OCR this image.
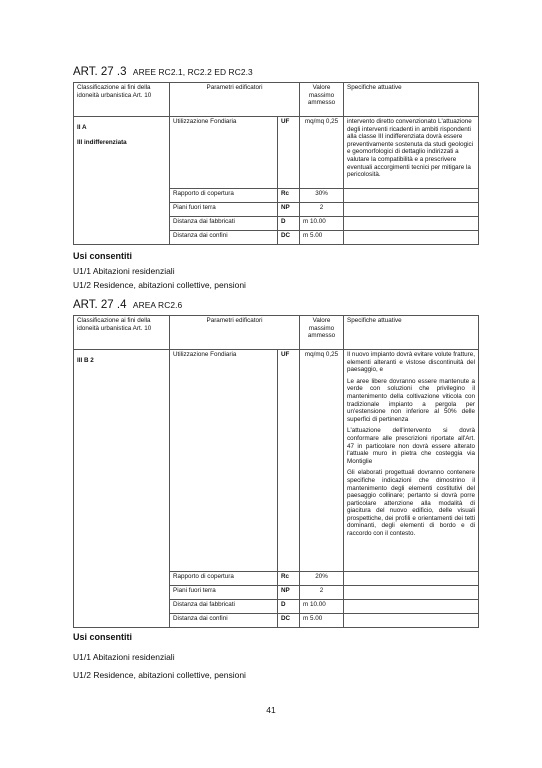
ART. 27 .3 AREE RC2.1, RC2.2 ED RC2.3
Classificazione ai fini della idoneità urbanistica Art. 10	Parametri edificatori		Valore massimo ammesso	Specifiche attuative

II A
III indifferenziata	Utilizzazione Fondiaria	UF	mq/mq 0,25	intervento diretto convenzionato L'attuazione degli interventi ricadenti in ambiti rispondenti alla classe III indifferenziata dovrà essere preventivamente sostenuta da studi geologici e geomorfologici di dettaglio indirizzati a valutare la compatibilità e a prescrivere eventuali accorgimenti tecnici per mitigare la pericolosità.
	Rapporto di copertura	Rc	30%	
	Piani fuori terra	NP	2	
	Distanza dai fabbricati	D	m 10.00	
	Distanza dai confini	DC	m 5.00	
Usi consentiti
U1/1 Abitazioni residenziali
U1/2 Residence, abitazioni collettive, pensioni
ART. 27 .4 AREA RC2.6
Classificazione ai fini della idoneità urbanistica Art. 10	Parametri edificatori		Valore massimo ammesso	Specifiche attuative

III B 2	Utilizzazione Fondiaria	UF	mq/mq 0,25	Il nuovo impianto dovrà evitare volute fratture, elementi alteranti e vistose discontinuità del paesaggio, e

Le aree libere dovranno essere mantenute a verde con soluzioni che privilegino il mantenimento della coltivazione viticola con tradizionale impianto a pergola per un'estensione non inferiore al 50% delle superfici di pertinenza

L'attuazione dell'intervento si dovrà conformare alle prescrizioni riportate all'Art. 47 in particolare non dovrà essere alterato l'attuale muro in pietra che costeggia via Montiglie

Gli elaborati progettuali dovranno contenere specifiche indicazioni che dimostrino il mantenimento degli elementi costitutivi del paesaggio collinare; pertanto si dovrà porre particolare attenzione alla modalità di giacitura del nuovo edificio, delle visuali prospettiche, dei profili e orientamenti dei tetti dominanti, degli elementi di bordo e di raccordo con il contesto.

	Rapporto di copertura	Rc	20%	
	Piani fuori terra	NP	2	
	Distanza dai fabbricati	D	m 10.00	
	Distanza dai confini	DC	m 5.00	
Usi consentiti
U1/1 Abitazioni residenziali
U1/2 Residence, abitazioni collettive, pensioni
41
